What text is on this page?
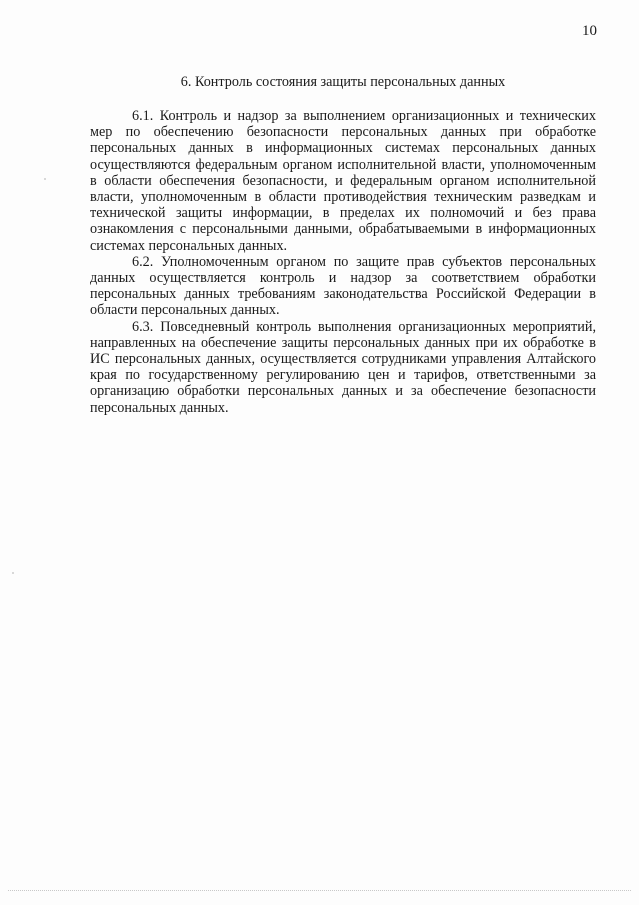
10
6. Контроль состояния защиты персональных данных

6.1. Контроль и надзор за выполнением организационных и технических мер по обеспечению безопасности персональных данных при обработке персональных данных в информационных системах персональных данных осуществляются федеральным органом исполнительной власти, уполномоченным в области обеспечения безопасности, и федеральным органом исполнительной власти, уполномоченным в области противодействия техническим разведкам и технической защиты информации, в пределах их полномочий и без права ознакомления с персональными данными, обрабатываемыми в информационных системах персональных данных.

6.2. Уполномоченным органом по защите прав субъектов персональных данных осуществляется контроль и надзор за соответствием обработки персональных данных требованиям законодательства Российской Федерации в области персональных данных.

6.3. Повседневный контроль выполнения организационных мероприятий, направленных на обеспечение защиты персональных данных при их обработке в ИС персональных данных, осуществляется сотрудниками управления Алтайского края по государственному регулированию цен и тарифов, ответственными за организацию обработки персональных данных и за обеспечение безопасности персональных данных.
